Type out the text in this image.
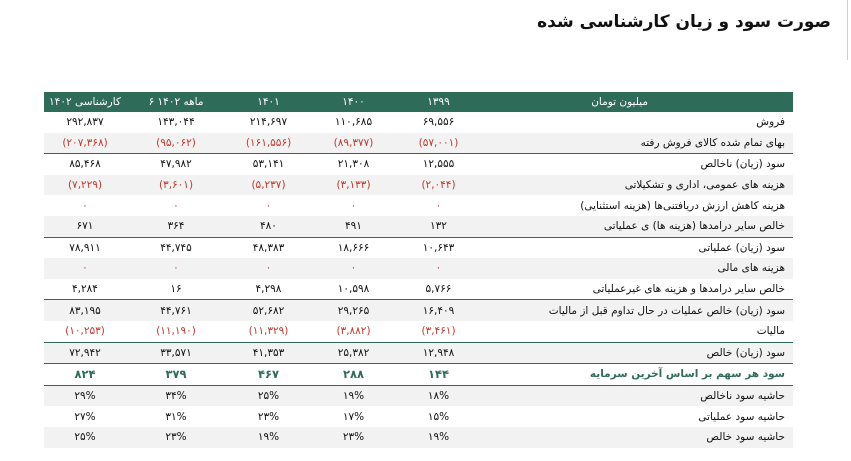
صورت سود و زیان کارشناسی شده
کارشناسی ۱۴۰۲	۶ ماهه ۱۴۰۲	۱۴۰۱	۱۴۰۰	۱۳۹۹	میلیون تومان
۲۹۲,۸۳۷	۱۴۳,۰۴۴	۲۱۴,۶۹۷	۱۱۰,۶۸۵	۶۹,۵۵۶	فروش
(۲۰۷,۳۶۸)	(۹۵,۰۶۲)	(۱۶۱,۵۵۶)	(۸۹,۳۷۷)	(۵۷,۰۰۱)	بهای تمام شده کالای فروش رفته
۸۵,۴۶۸	۴۷,۹۸۲	۵۳,۱۴۱	۲۱,۳۰۸	۱۲,۵۵۵	سود (زیان) ناخالص
(۷,۲۲۹)	(۳,۶۰۱)	(۵,۲۳۷)	(۳,۱۳۳)	(۲,۰۴۴)	هزینه های عمومی، اداری و تشکیلاتی
۰	۰	۰	۰	۰	هزینه کاهش ارزش دریافتنی‌ها (هزینه استثنایی)
۶۷۱	۳۶۴	۴۸۰	۴۹۱	۱۳۲	خالص سایر درامدها (هزینه ها) ی عملیاتی
۷۸,۹۱۱	۴۴,۷۴۵	۴۸,۳۸۳	۱۸,۶۶۶	۱۰,۶۴۳	سود (زیان) عملیاتی
۰	۰	۰	۰	۰	هزینه های مالی
۴,۲۸۴	۱۶	۴,۲۹۸	۱۰,۵۹۸	۵,۷۶۶	خالص سایر درامدها و هزینه های غیرعملیاتی
۸۳,۱۹۵	۴۴,۷۶۱	۵۲,۶۸۲	۲۹,۲۶۵	۱۶,۴۰۹	سود (زیان) خالص عملیات در حال تداوم قبل از مالیات
(۱۰,۲۵۳)	(۱۱,۱۹۰)	(۱۱,۳۲۹)	(۳,۸۸۲)	(۳,۴۶۱)	مالیات
۷۲,۹۴۲	۳۳,۵۷۱	۴۱,۳۵۳	۲۵,۳۸۲	۱۲,۹۴۸	سود (زیان) خالص
۸۲۴	۳۷۹	۴۶۷	۲۸۸	۱۴۴	سود هر سهم بر اساس آخرین سرمایه
۲۹%	۳۴%	۲۵%	۱۹%	۱۸%	حاشیه سود ناخالص
۲۷%	۳۱%	۲۳%	۱۷%	۱۵%	حاشیه سود عملیاتی
۲۵%	۲۳%	۱۹%	۲۳%	۱۹%	حاشیه سود خالص
